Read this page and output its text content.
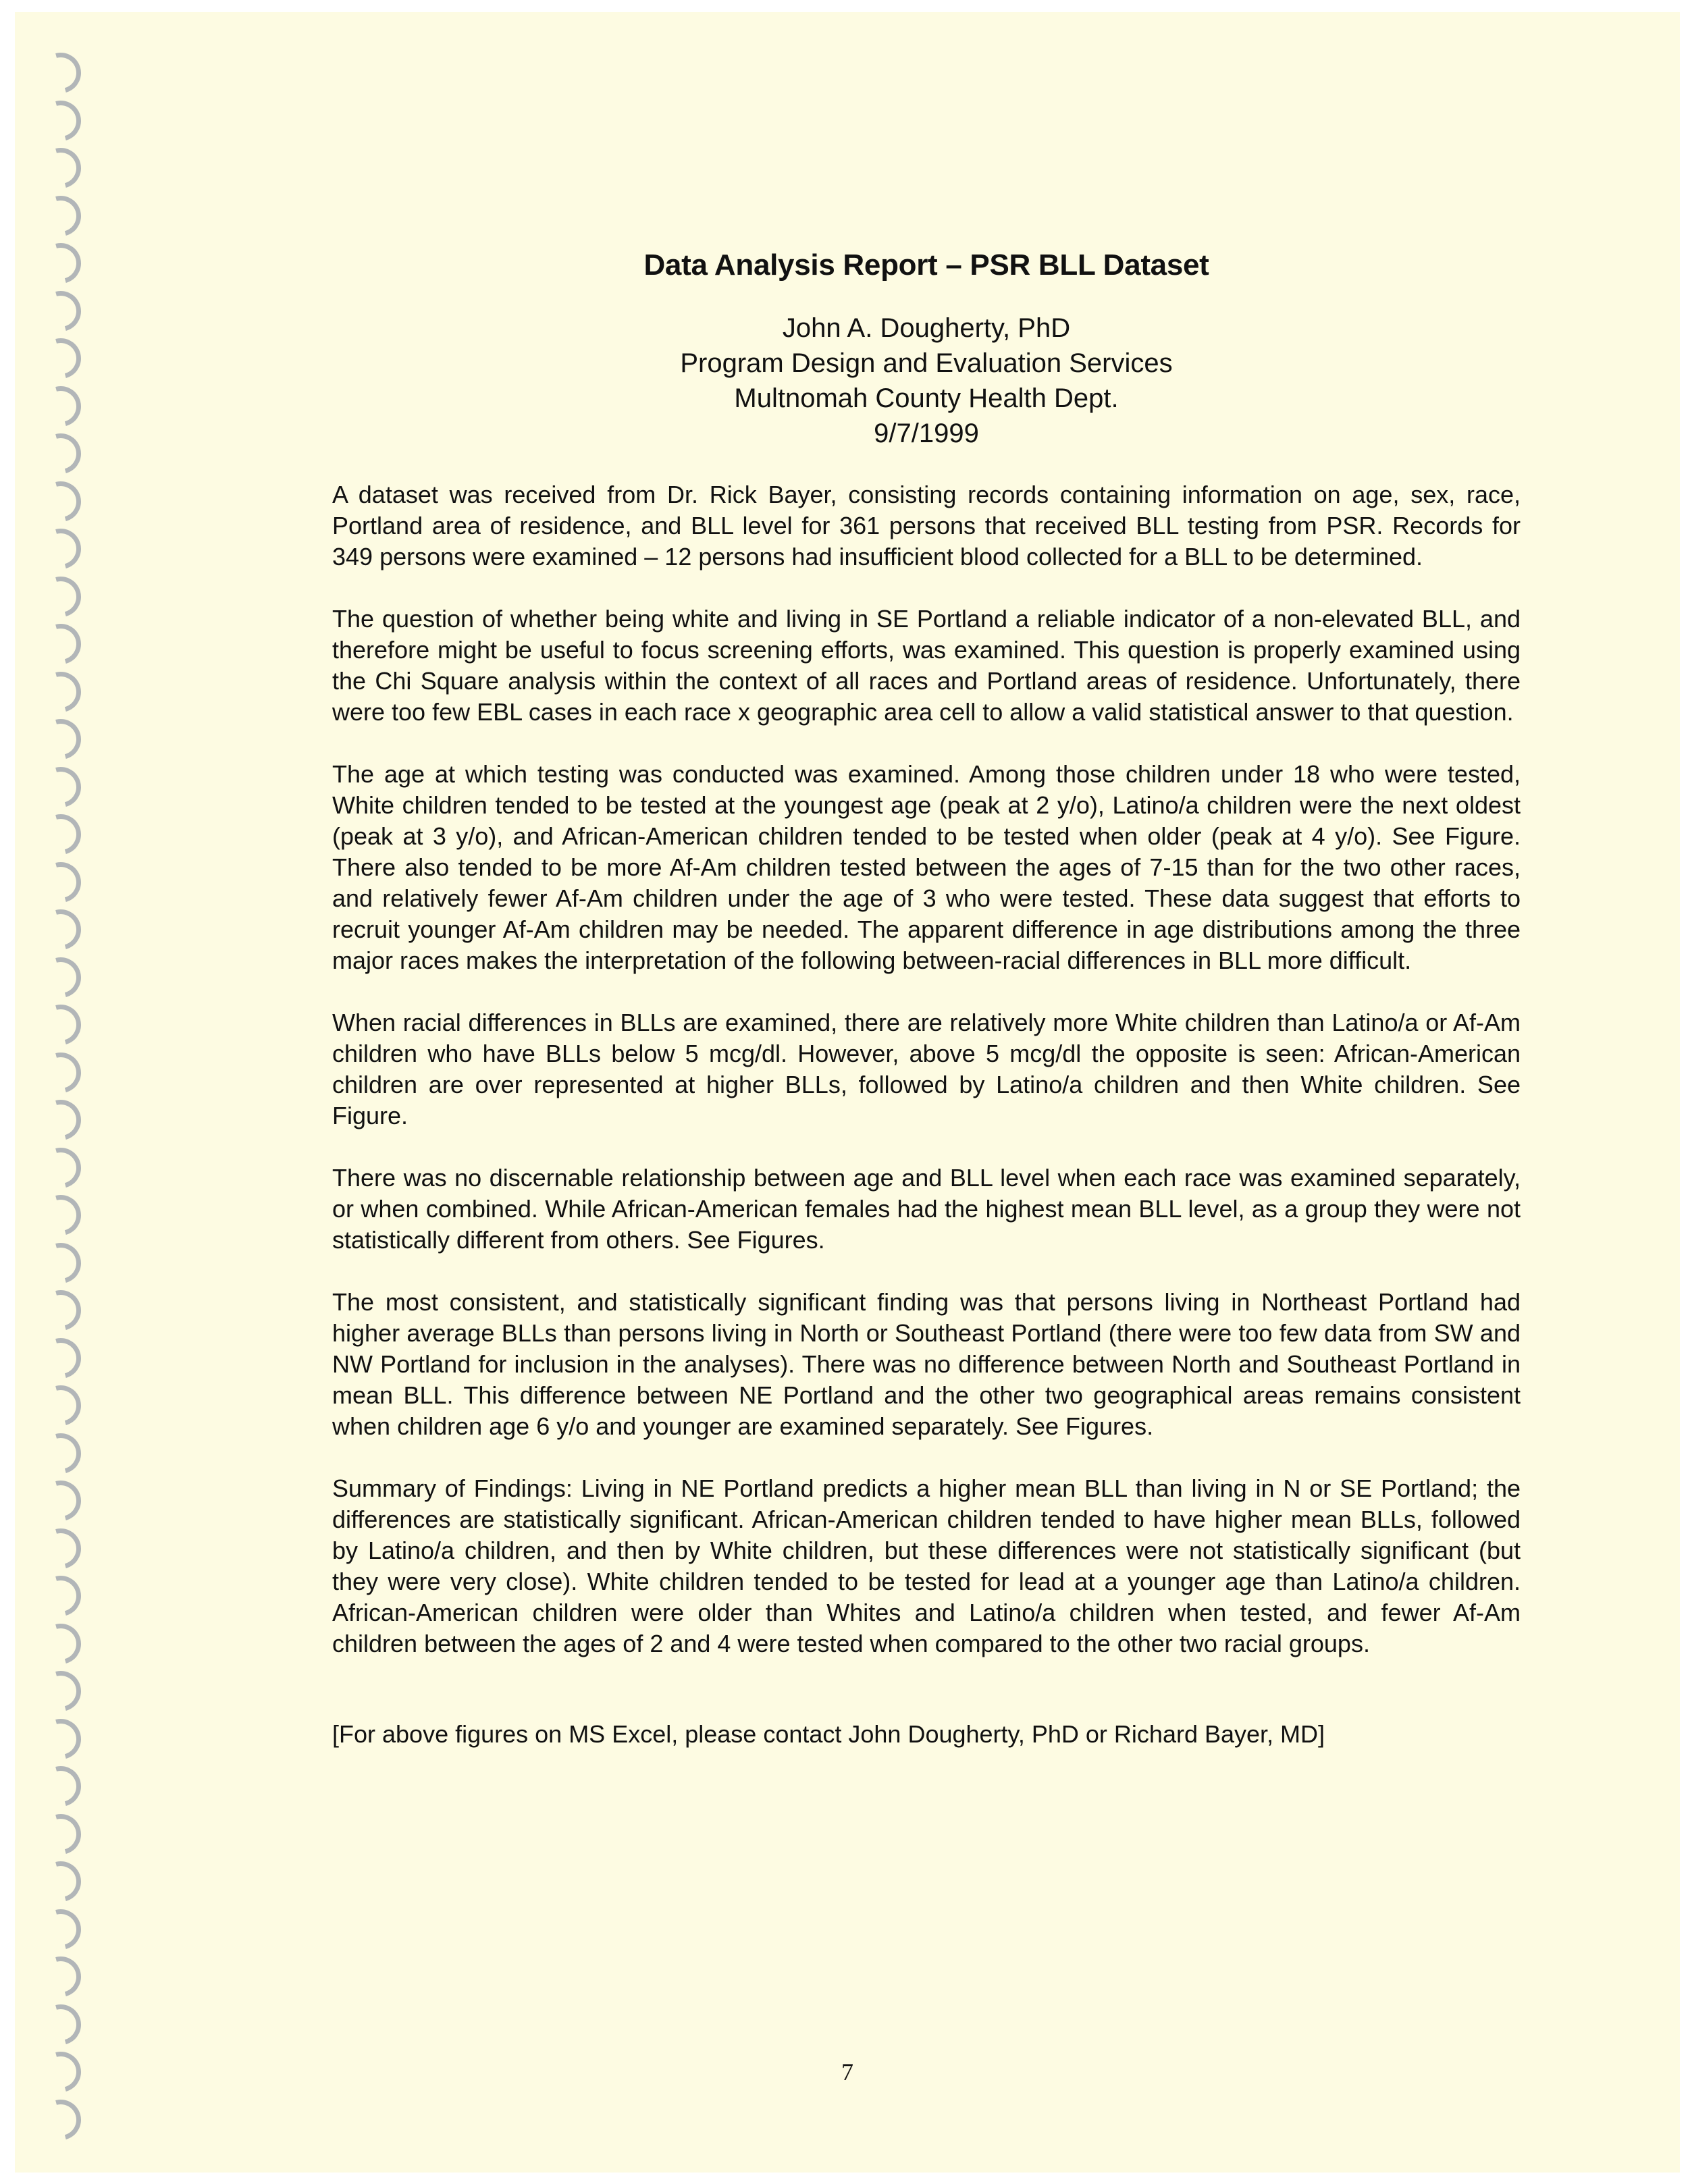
Data Analysis Report – PSR BLL Dataset
John A. Dougherty, PhD
Program Design and Evaluation Services
Multnomah County Health Dept.
9/7/1999

A dataset was received from Dr. Rick Bayer, consisting records containing information on age, sex, race, Portland area of residence, and BLL level for 361 persons that received BLL testing from PSR. Records for 349 persons were examined – 12 persons had insufficient blood collected for a BLL to be determined.

The question of whether being white and living in SE Portland a reliable indicator of a non-elevated BLL, and therefore might be useful to focus screening efforts, was examined. This question is properly examined using the Chi Square analysis within the context of all races and Portland areas of residence. Unfortunately, there were too few EBL cases in each race x geographic area cell to allow a valid statistical answer to that question.

The age at which testing was conducted was examined. Among those children under 18 who were tested, White children tended to be tested at the youngest age (peak at 2 y/o), Latino/a children were the next oldest (peak at 3 y/o), and African-American children tended to be tested when older (peak at 4 y/o). See Figure. There also tended to be more Af-Am children tested between the ages of 7-15 than for the two other races, and relatively fewer Af-Am children under the age of 3 who were tested. These data suggest that efforts to recruit younger Af-Am children may be needed. The apparent difference in age distributions among the three major races makes the interpretation of the following between-racial differences in BLL more difficult.

When racial differences in BLLs are examined, there are relatively more White children than Latino/a or Af-Am children who have BLLs below 5 mcg/dl. However, above 5 mcg/dl the opposite is seen: African-American children are over represented at higher BLLs, followed by Latino/a children and then White children. See Figure.

There was no discernable relationship between age and BLL level when each race was examined separately, or when combined. While African-American females had the highest mean BLL level, as a group they were not statistically different from others. See Figures.

The most consistent, and statistically significant finding was that persons living in Northeast Portland had higher average BLLs than persons living in North or Southeast Portland (there were too few data from SW and NW Portland for inclusion in the analyses). There was no difference between North and Southeast Portland in mean BLL. This difference between NE Portland and the other two geographical areas remains consistent when children age 6 y/o and younger are examined separately. See Figures.

Summary of Findings: Living in NE Portland predicts a higher mean BLL than living in N or SE Portland; the differences are statistically significant. African-American children tended to have higher mean BLLs, followed by Latino/a children, and then by White children, but these differences were not statistically significant (but they were very close). White children tended to be tested for lead at a younger age than Latino/a children. African-American children were older than Whites and Latino/a children when tested, and fewer Af-Am children between the ages of 2 and 4 were tested when compared to the other two racial groups.

[For above figures on MS Excel, please contact John Dougherty, PhD or Richard Bayer, MD]
7
